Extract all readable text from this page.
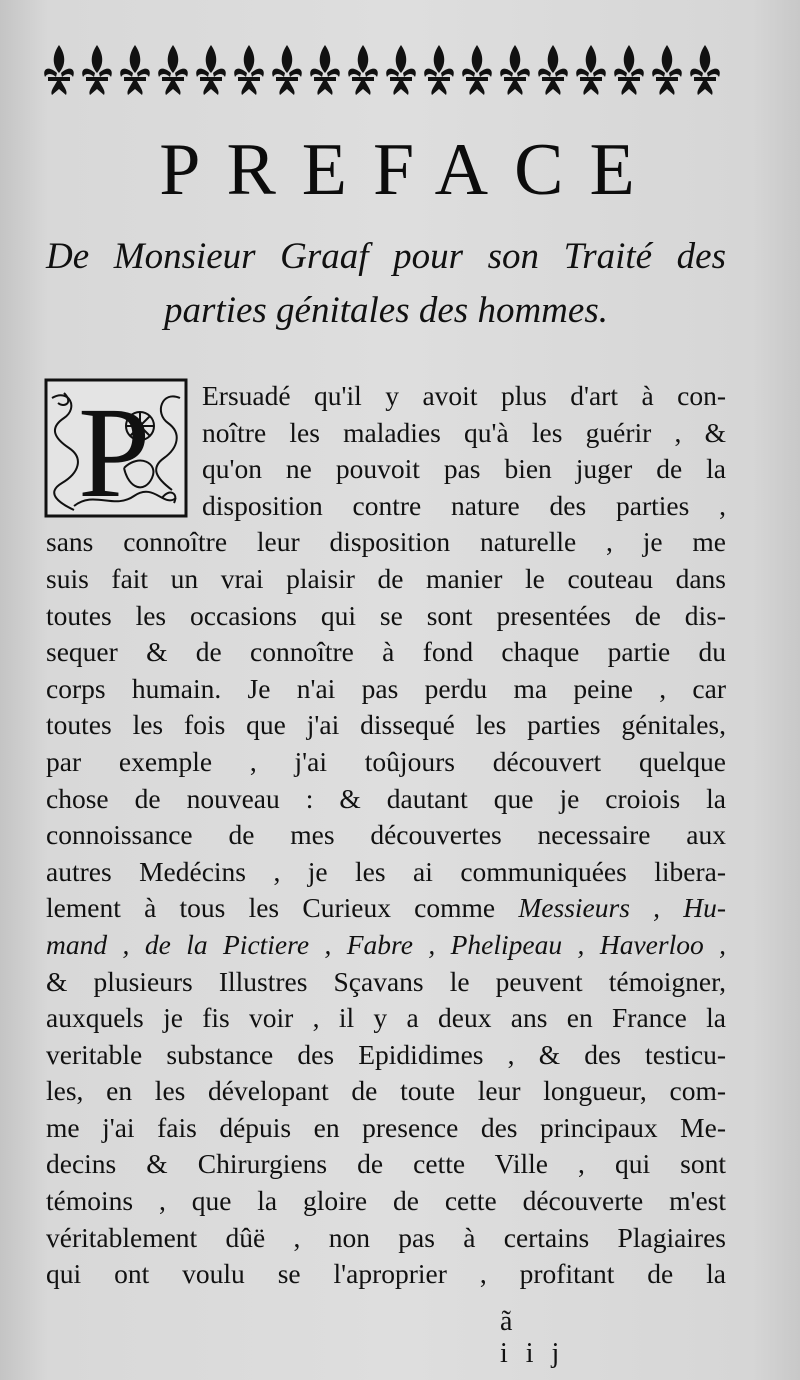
PREFACE
De Monsieur Graaf pour son Traité des
parties génitales des hommes.
P	Ersuadé qu'il y avoit plus d'art à con-
noître les maladies qu'à les guérir , &
qu'on ne pouvoit pas bien juger de la
disposition contre nature des parties ,
sans connoître leur disposition naturelle , je me
suis fait un vrai plaisir de manier le couteau dans
toutes les occasions qui se sont presentées de dis-
sequer & de connoître à fond chaque partie du
corps humain. Je n'ai pas perdu ma peine , car
toutes les fois que j'ai dissequé les parties génitales,
par exemple , j'ai toûjours découvert quelque
chose de nouveau : & dautant que je croiois la
connoissance de mes découvertes necessaire aux
autres Medécins , je les ai communiquées libera-
lement à tous les Curieux comme Messieurs , Hu-
mand , de la Pictiere , Fabre , Phelipeau , Haverloo ,
& plusieurs Illustres Sçavans le peuvent témoigner,
auxquels je fis voir , il y a deux ans en France la
veritable substance des Epididimes , & des testicu-
les, en les dévelopant de toute leur longueur, com-
me j'ai fais dépuis en presence des principaux Me-
decins & Chirurgiens de cette Ville , qui sont
témoins , que la gloire de cette découverte m'est
véritablement dûë , non pas à certains Plagiaires
qui ont voulu se l'aproprier , profitant de la
ã iij
